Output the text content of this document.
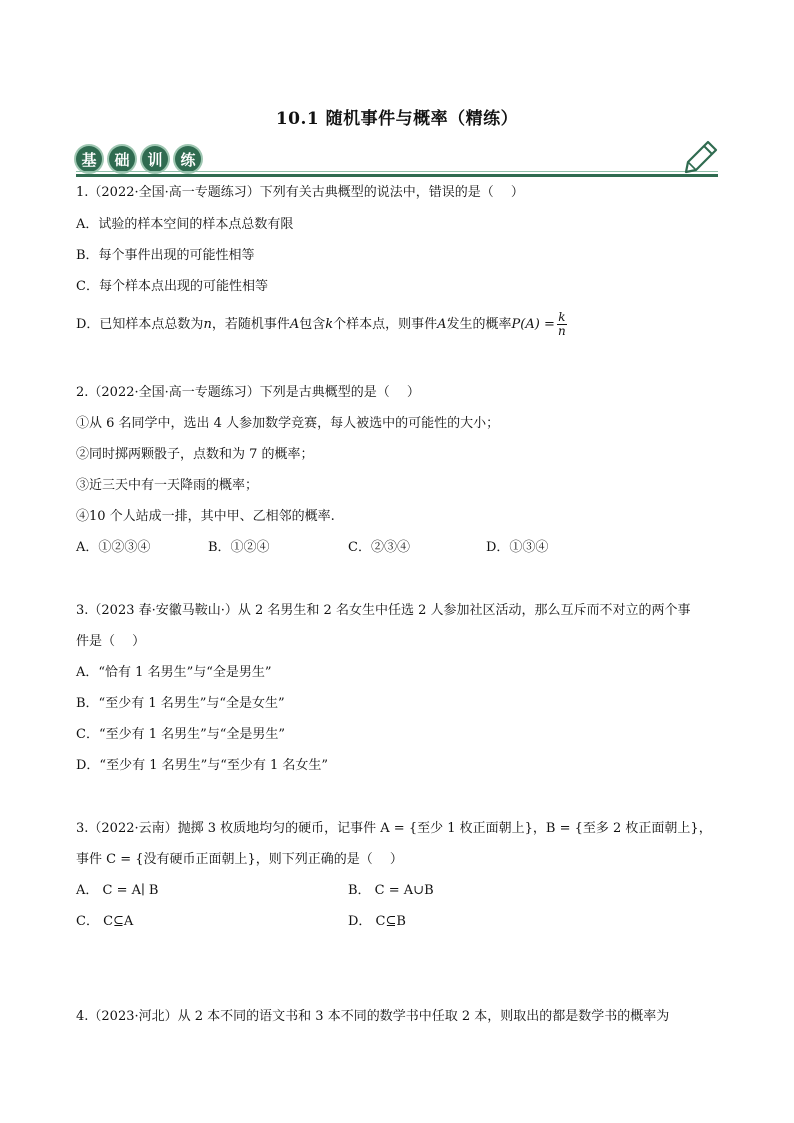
10.1 随机事件与概率（精练）
基	础	训	练
1.（2022·全国·高一专题练习）下列有关古典概型的说法中，错误的是（　 ）
A．试验的样本空间的样本点总数有限
B．每个事件出现的可能性相等
C．每个样本点出现的可能性相等
D．已知样本点总数为n，若随机事件A包含k个样本点，则事件A发生的概率$P(A) = \frac{k}{n}$
2.（2022·全国·高一专题练习）下列是古典概型的是（　 ）
①从 6 名同学中，选出 4 人参加数学竞赛，每人被选中的可能性的大小；
②同时掷两颗骰子，点数和为 7 的概率；
③近三天中有一天降雨的概率；
④10 个人站成一排，其中甲、乙相邻的概率.
A．①②③④	B．①②④	C．②③④	D．①③④
3.（2023 春·安徽马鞍山·）从 2 名男生和 2 名女生中任选 2 人参加社区活动，那么互斥而不对立的两个事
件是（　 ）
A．“恰有 1 名男生”与“全是男生”
B．“至少有 1 名男生”与“全是女生”
C．“至少有 1 名男生”与“全是男生”
D．“至少有 1 名男生”与“至少有 1 名女生”
3.（2022·云南）抛掷 3 枚质地均匀的硬币，记事件 A = {至少 1 枚正面朝上}，B = {至多 2 枚正面朝上}，
事件 C = {没有硬币正面朝上}，则下列正确的是（　 ）
A． C = A∣ B	B． C = A∪B
C． C⊆A	D． C⊆B
4.（2023·河北）从 2 本不同的语文书和 3 本不同的数学书中任取 2 本，则取出的都是数学书的概率为
